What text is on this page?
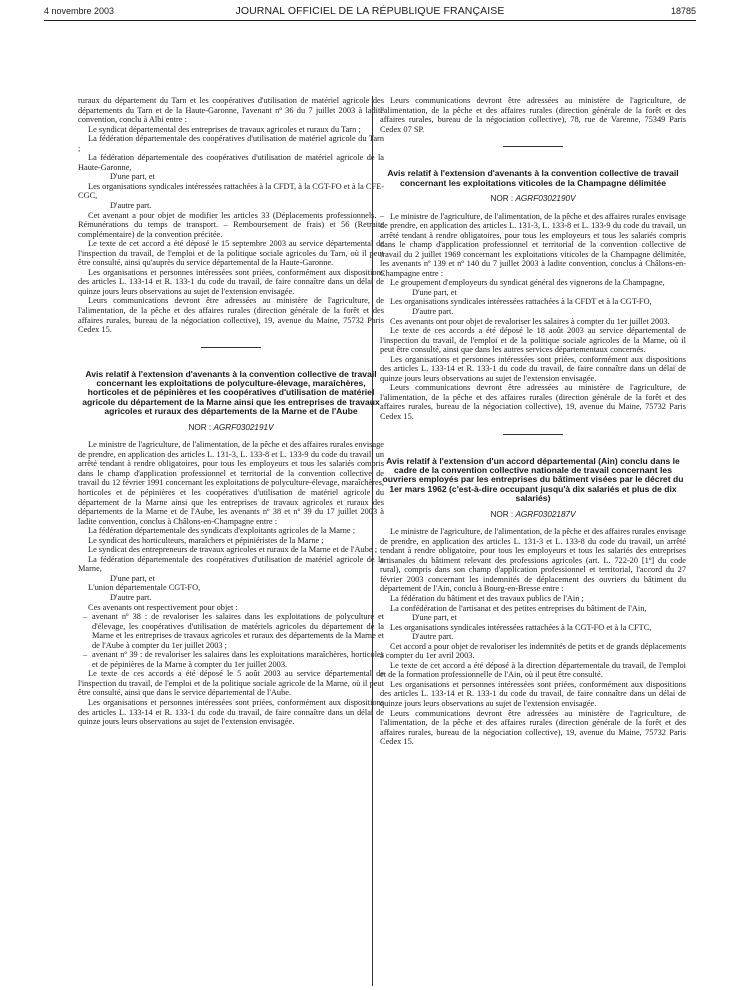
4 novembre 2003	JOURNAL OFFICIEL DE LA RÉPUBLIQUE FRANÇAISE	18785

ruraux du département du Tarn et les coopératives d'utilisation de matériel agricole des départements du Tarn et de la Haute-Garonne, l'avenant nº 36 du 7 juillet 2003 à ladite convention, conclu à Albi entre :

Le syndicat départemental des entreprises de travaux agricoles et ruraux du Tarn ;

La fédération départementale des coopératives d'utilisation de matériel agricole du Tarn ;

La fédération départementale des coopératives d'utilisation de matériel agricole de la Haute-Garonne,

D'une part, et

Les organisations syndicales intéressées rattachées à la CFDT, à la CGT-FO et à la CFE-CGC,

D'autre part.

Cet avenant a pour objet de modifier les articles 33 (Déplacements professionnels. – Rémunérations du temps de transport. – Remboursement de frais) et 56 (Retraite complémentaire) de la convention précitée.

Le texte de cet accord a été déposé le 15 septembre 2003 au service départemental de l'inspection du travail, de l'emploi et de la politique sociale agricoles du Tarn, où il peut être consulté, ainsi qu'auprès du service départemental de la Haute-Garonne.

Les organisations et personnes intéressées sont priées, conformément aux dispositions des articles L. 133-14 et R. 133-1 du code du travail, de faire connaître dans un délai de quinze jours leurs observations au sujet de l'extension envisagée.

Leurs communications devront être adressées au ministère de l'agriculture, de l'alimentation, de la pêche et des affaires rurales (direction générale de la forêt et des affaires rurales, bureau de la négociation collective), 19, avenue du Maine, 75732 Paris Cedex 15.

Avis relatif à l'extension d'avenants à la convention collective de travail concernant les exploitations de polyculture-élevage, maraîchères, horticoles et de pépinières et les coopératives d'utilisation de matériel agricole du département de la Marne ainsi que les entreprises de travaux agricoles et ruraux des départements de la Marne et de l'Aube

NOR : AGRF0302191V

Le ministre de l'agriculture, de l'alimentation, de la pêche et des affaires rurales envisage de prendre, en application des articles L. 131-3, L. 133-8 et L. 133-9 du code du travail, un arrêté tendant à rendre obligatoires, pour tous les employeurs et tous les salariés compris dans le champ d'application professionnel et territorial de la convention collective de travail du 12 février 1991 concernant les exploitations de polyculture-élevage, maraîchères, horticoles et de pépinières et les coopératives d'utilisation de matériel agricole du département de la Marne ainsi que les entreprises de travaux agricoles et ruraux des départements de la Marne et de l'Aube, les avenants nº 38 et nº 39 du 17 juillet 2003 à ladite convention, conclus à Châlons-en-Champagne entre :

La fédération départementale des syndicats d'exploitants agricoles de la Marne ;

Le syndicat des horticulteurs, maraîchers et pépiniéristes de la Marne ;

Le syndicat des entrepreneurs de travaux agricoles et ruraux de la Marne et de l'Aube ;

La fédération départementale des coopératives d'utilisation de matériel agricole de la Marne,

D'une part, et

L'union départementale CGT-FO,

D'autre part.

Ces avenants ont respectivement pour objet :

– avenant nº 38 : de revaloriser les salaires dans les exploitations de polyculture et d'élevage, les coopératives d'utilisation de matériels agricoles du département de la Marne et les entreprises de travaux agricoles et ruraux des départements de la Marne et de l'Aube à compter du 1er juillet 2003 ;

– avenant nº 39 : de revaloriser les salaires dans les exploitations maraîchères, horticoles et de pépinières de la Marne à compter du 1er juillet 2003.

Le texte de ces accords a été déposé le 5 août 2003 au service départemental de l'inspection du travail, de l'emploi et de la politique sociale agricole de la Marne, où il peut être consulté, ainsi que dans le service départemental de l'Aube.

Les organisations et personnes intéressées sont priées, conformément aux dispositions des articles L. 133-14 et R. 133-1 du code du travail, de faire connaître dans un délai de quinze jours leurs observations au sujet de l'extension envisagée.

Leurs communications devront être adressées au ministère de l'agriculture, de l'alimentation, de la pêche et des affaires rurales (direction générale de la forêt et des affaires rurales, bureau de la négociation collective), 78, rue de Varenne, 75349 Paris Cedex 07 SP.

Avis relatif à l'extension d'avenants à la convention collective de travail concernant les exploitations viticoles de la Champagne délimitée

NOR : AGRF0302190V

Le ministre de l'agriculture, de l'alimentation, de la pêche et des affaires rurales envisage de prendre, en application des articles L. 131-3, L. 133-8 et L. 133-9 du code du travail, un arrêté tendant à rendre obligatoires, pour tous les employeurs et tous les salariés compris dans le champ d'application professionnel et territorial de la convention collective de travail du 2 juillet 1969 concernant les exploitations viticoles de la Champagne délimitée, les avenants nº 139 et nº 140 du 7 juillet 2003 à ladite convention, conclus à Châlons-en-Champagne entre :

Le groupement d'employeurs du syndicat général des vignerons de la Champagne,

D'une part, et

Les organisations syndicales intéressées rattachées à la CFDT et à la CGT-FO,

D'autre part.

Ces avenants ont pour objet de revaloriser les salaires à compter du 1er juillet 2003.

Le texte de ces accords a été déposé le 18 août 2003 au service départemental de l'inspection du travail, de l'emploi et de la politique sociale agricoles de la Marne, où il peut être consulté, ainsi que dans les autres services départementaux concernés.

Les organisations et personnes intéressées sont priées, conformément aux dispositions des articles L. 133-14 et R. 133-1 du code du travail, de faire connaître dans un délai de quinze jours leurs observations au sujet de l'extension envisagée.

Leurs communications devront être adressées au ministère de l'agriculture, de l'alimentation, de la pêche et des affaires rurales (direction générale de la forêt et des affaires rurales, bureau de la négociation collective), 19, avenue du Maine, 75732 Paris Cedex 15.

Avis relatif à l'extension d'un accord départemental (Ain) conclu dans le cadre de la convention collective nationale de travail concernant les ouvriers employés par les entreprises du bâtiment visées par le décret du 1er mars 1962 (c'est-à-dire occupant jusqu'à dix salariés et plus de dix salariés)

NOR : AGRF0302187V

Le ministre de l'agriculture, de l'alimentation, de la pêche et des affaires rurales envisage de prendre, en application des articles L. 131-3 et L. 133-8 du code du travail, un arrêté tendant à rendre obligatoire, pour tous les employeurs et tous les salariés des entreprises artisanales du bâtiment relevant des professions agricoles (art. L. 722-20 [1º] du code rural), compris dans son champ d'application professionnel et territorial, l'accord du 27 février 2003 concernant les indemnités de déplacement des ouvriers du bâtiment du département de l'Ain, conclu à Bourg-en-Bresse entre :

La fédération du bâtiment et des travaux publics de l'Ain ;

La confédération de l'artisanat et des petites entreprises du bâtiment de l'Ain,

D'une part, et

Les organisations syndicales intéressées rattachées à la CGT-FO et à la CFTC,

D'autre part.

Cet accord a pour objet de revaloriser les indemnités de petits et de grands déplacements à compter du 1er avril 2003.

Le texte de cet accord a été déposé à la direction départementale du travail, de l'emploi et de la formation professionnelle de l'Ain, où il peut être consulté.

Les organisations et personnes intéressées sont priées, conformément aux dispositions des articles L. 133-14 et R. 133-1 du code du travail, de faire connaître dans un délai de quinze jours leurs observations au sujet de l'extension envisagée.

Leurs communications devront être adressées au ministère de l'agriculture, de l'alimentation, de la pêche et des affaires rurales (direction générale de la forêt et des affaires rurales, bureau de la négociation collective), 19, avenue du Maine, 75732 Paris Cedex 15.
